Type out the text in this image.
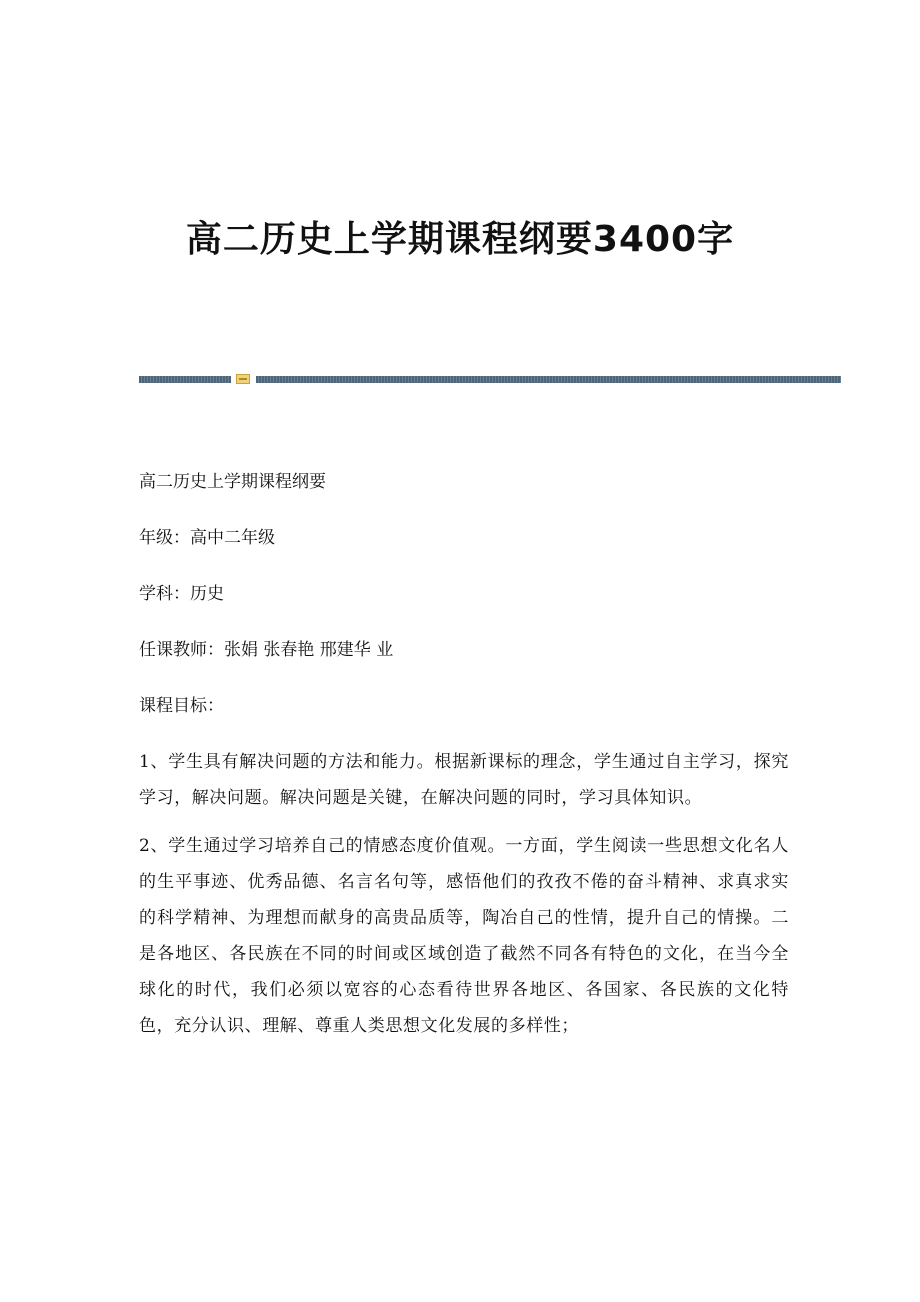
高二历史上学期课程纲要3400字

高二历史上学期课程纲要

年级：高中二年级

学科：历史

任课教师：张娟 张春艳 邢建华 业

课程目标：

1、学生具有解决问题的方法和能力。根据新课标的理念，学生通过自主学习，探究学习，解决问题。解决问题是关键，在解决问题的同时，学习具体知识。

2、学生通过学习培养自己的情感态度价值观。一方面，学生阅读一些思想文化名人的生平事迹、优秀品德、名言名句等，感悟他们的孜孜不倦的奋斗精神、求真求实的科学精神、为理想而献身的高贵品质等，陶冶自己的性情，提升自己的情操。二是各地区、各民族在不同的时间或区域创造了截然不同各有特色的文化，在当今全球化的时代，我们必须以宽容的心态看待世界各地区、各国家、各民族的文化特色，充分认识、理解、尊重人类思想文化发展的多样性；
